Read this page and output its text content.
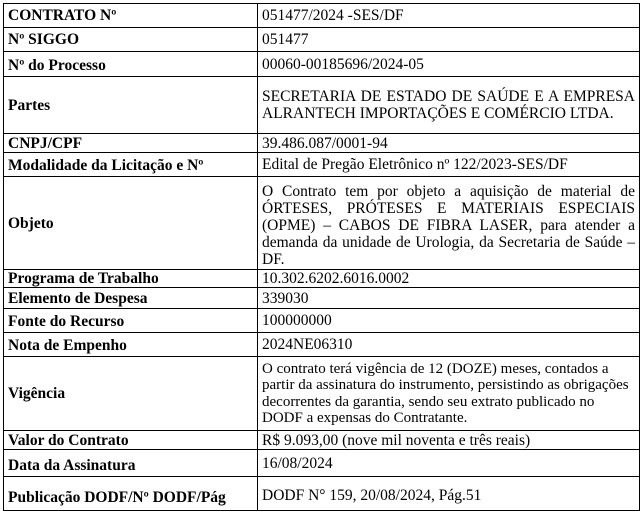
CONTRATO Nº	051477/2024 -SES/DF
Nº SIGGO	051477
Nº do Processo	00060-00185696/2024-05
Partes	SECRETARIA DE ESTADO DE SAÚDE E A EMPRESA ALRANTECH IMPORTAÇÕES E COMÉRCIO LTDA.
CNPJ/CPF	39.486.087/0001-94
Modalidade da Licitação e Nº	Edital de Pregão Eletrônico nº 122/2023-SES/DF
Objeto	O Contrato tem por objeto a aquisição de material de ÓRTESES, PRÓTESES E MATERIAIS ESPECIAIS (OPME) – CABOS DE FIBRA LASER, para atender a demanda da unidade de Urologia, da Secretaria de Saúde – DF.
Programa de Trabalho	10.302.6202.6016.0002
Elemento de Despesa	339030
Fonte do Recurso	100000000
Nota de Empenho	2024NE06310
Vigência	O contrato terá vigência de 12 (DOZE) meses, contados a partir da assinatura do instrumento, persistindo as obrigações decorrentes da garantia, sendo seu extrato publicado no DODF a expensas do Contratante.
Valor do Contrato	R$ 9.093,00 (nove mil noventa e três reais)
Data da Assinatura	16/08/2024
Publicação DODF/Nº DODF/Pág	DODF N° 159, 20/08/2024, Pág.51
